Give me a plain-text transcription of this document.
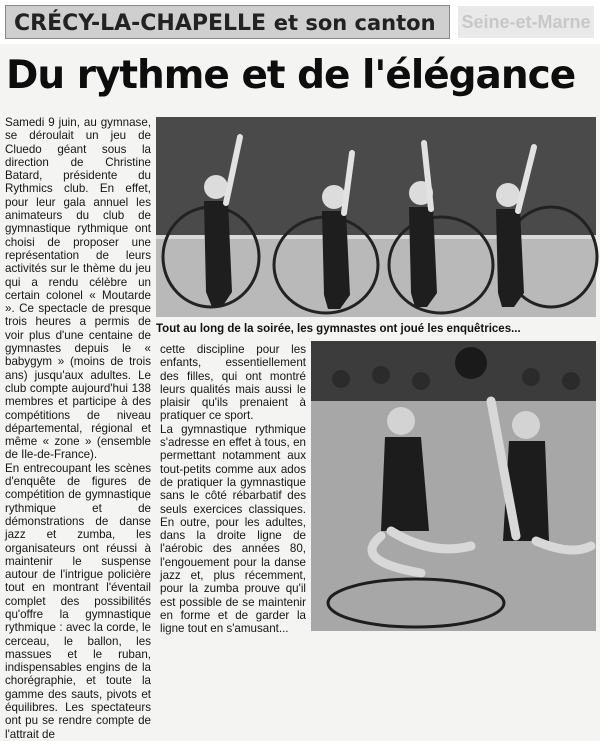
CRÉCY-LA-CHAPELLE et son canton	Seine-et-Marne
Du rythme et de l'élégance

Samedi 9 juin, au gymnase, se déroulait un jeu de Cluedo géant sous la direction de Christine Batard, présidente du Rythmics club. En effet, pour leur gala annuel les animateurs du club de gymnastique rythmique ont choisi de proposer une représentation de leurs activités sur le thème du jeu qui a rendu célèbre un certain colonel « Moutarde ». Ce spectacle de presque trois heures a permis de voir plus d'une centaine de gymnastes depuis le « babygym » (moins de trois ans) jusqu'aux adultes. Le club compte aujourd'hui 138 membres et participe à des compétitions de niveau départemental, régional et même « zone » (ensemble de Ile-de-France).

En entrecoupant les scènes d'enquête de figures de compétition de gymnastique rythmique et de démonstrations de danse jazz et zumba, les organisateurs ont réussi à maintenir le suspense autour de l'intrigue policière tout en montrant l'éventail complet des possibilités qu'offre la gymnastique rythmique : avec la corde, le cerceau, le ballon, les massues et le ruban, indispensables engins de la chorégraphie, et toute la gamme des sauts, pivots et équilibres. Les spectateurs ont pu se rendre compte de l'attrait de

Tout au long de la soirée, les gymnastes ont joué les enquêtrices...

cette discipline pour les enfants, essentiellement des filles, qui ont montré leurs qualités mais aussi le plaisir qu'ils prenaient à pratiquer ce sport.

La gymnastique rythmique s'adresse en effet à tous, en permettant notamment aux tout-petits comme aux ados de pratiquer la gymnastique sans le côté rébarbatif des seuls exercices classiques. En outre, pour les adultes, dans la droite ligne de l'aérobic des années 80, l'engouement pour la danse jazz et, plus récemment, pour la zumba prouve qu'il est possible de se maintenir en forme et de garder la ligne tout en s'amusant...
